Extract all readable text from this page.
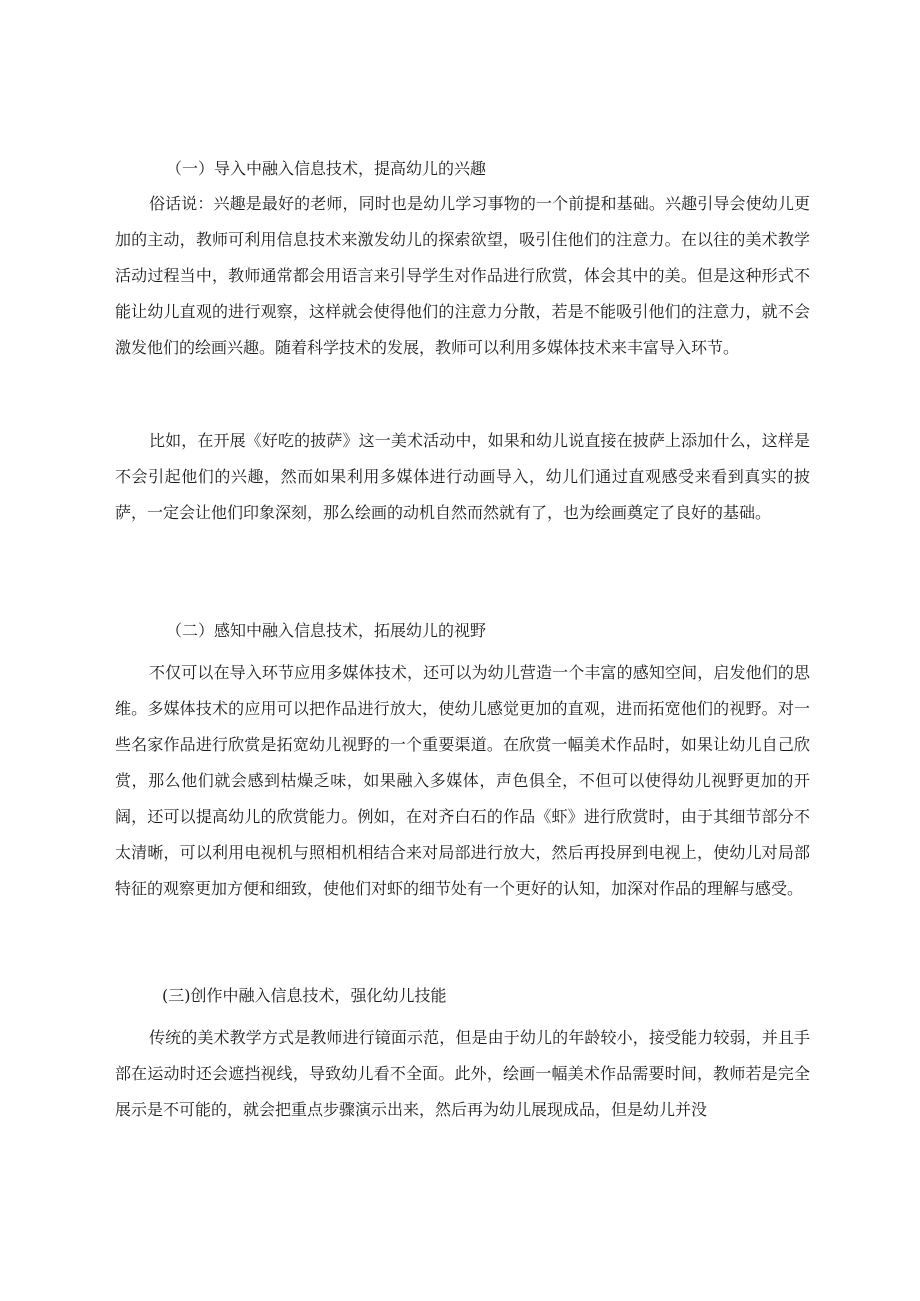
（一）导入中融入信息技术，提高幼儿的兴趣

俗话说：兴趣是最好的老师，同时也是幼儿学习事物的一个前提和基础。兴趣引导会使幼儿更加的主动，教师可利用信息技术来激发幼儿的探索欲望，吸引住他们的注意力。在以往的美术教学活动过程当中，教师通常都会用语言来引导学生对作品进行欣赏，体会其中的美。但是这种形式不能让幼儿直观的进行观察，这样就会使得他们的注意力分散，若是不能吸引他们的注意力，就不会激发他们的绘画兴趣。随着科学技术的发展，教师可以利用多媒体技术来丰富导入环节。

比如，在开展《好吃的披萨》这一美术活动中，如果和幼儿说直接在披萨上添加什么，这样是不会引起他们的兴趣，然而如果利用多媒体进行动画导入，幼儿们通过直观感受来看到真实的披萨，一定会让他们印象深刻，那么绘画的动机自然而然就有了，也为绘画奠定了良好的基础。

（二）感知中融入信息技术，拓展幼儿的视野

不仅可以在导入环节应用多媒体技术，还可以为幼儿营造一个丰富的感知空间，启发他们的思维。多媒体技术的应用可以把作品进行放大，使幼儿感觉更加的直观，进而拓宽他们的视野。对一些名家作品进行欣赏是拓宽幼儿视野的一个重要渠道。在欣赏一幅美术作品时，如果让幼儿自己欣赏，那么他们就会感到枯燥乏味，如果融入多媒体，声色俱全，不但可以使得幼儿视野更加的开阔，还可以提高幼儿的欣赏能力。例如，在对齐白石的作品《虾》进行欣赏时，由于其细节部分不太清晰，可以利用电视机与照相机相结合来对局部进行放大，然后再投屏到电视上，使幼儿对局部特征的观察更加方便和细致，使他们对虾的细节处有一个更好的认知，加深对作品的理解与感受。

(三)创作中融入信息技术，强化幼儿技能

传统的美术教学方式是教师进行镜面示范，但是由于幼儿的年龄较小，接受能力较弱，并且手部在运动时还会遮挡视线，导致幼儿看不全面。此外，绘画一幅美术作品需要时间，教师若是完全展示是不可能的，就会把重点步骤演示出来，然后再为幼儿展现成品，但是幼儿并没
